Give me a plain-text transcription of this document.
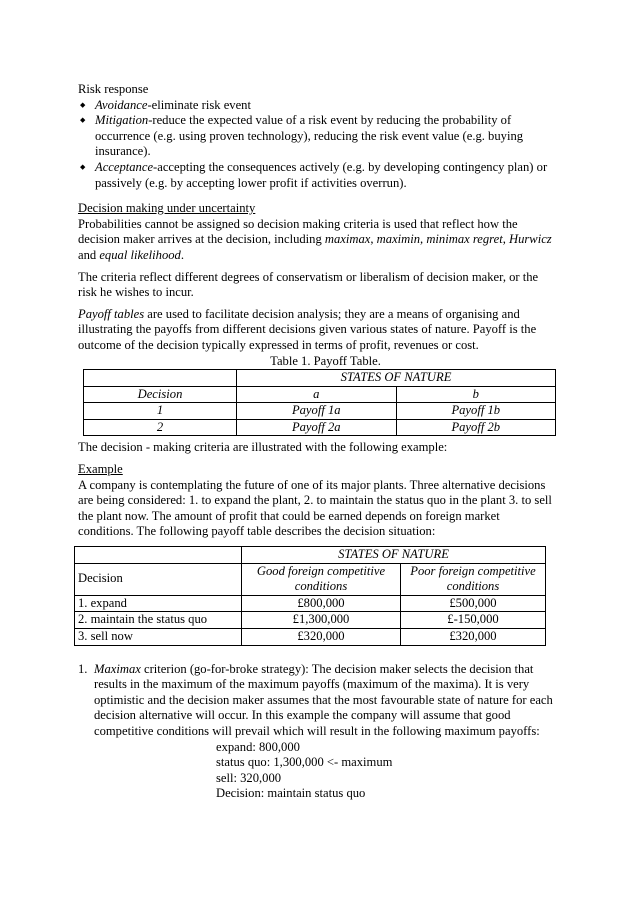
Risk response

◆ Avoidance-eliminate risk event
◆ Mitigation-reduce the expected value of a risk event by reducing the probability of occurrence (e.g. using proven technology), reducing the risk event value (e.g. buying insurance).
◆ Acceptance-accepting the consequences actively (e.g. by developing contingency plan) or passively (e.g. by accepting lower profit if activities overrun).

Decision making under uncertainty

Probabilities cannot be assigned so decision making criteria is used that reflect how the decision maker arrives at the decision, including maximax, maximin, minimax regret, Hurwicz and equal likelihood.

The criteria reflect different degrees of conservatism or liberalism of decision maker, or the risk he wishes to incur.

Payoff tables are used to facilitate decision analysis; they are a means of organising and illustrating the payoffs from different decisions given various states of nature. Payoff is the outcome of the decision typically expressed in terms of profit, revenues or cost.

Table 1. Payoff Table.

	STATES OF NATURE	
Decision	a	b
1	Payoff 1a	Payoff 1b
2	Payoff 2a	Payoff 2b

The decision - making criteria are illustrated with the following example:

Example

A company is contemplating the future of one of its major plants. Three alternative decisions are being considered: 1. to expand the plant, 2. to maintain the status quo in the plant 3. to sell the plant now. The amount of profit that could be earned depends on foreign market conditions. The following payoff table describes the decision situation:

	STATES OF NATURE	
Decision	Good foreign competitive conditions	Poor foreign competitive conditions
1. expand	£800,000	£500,000
2. maintain the status quo	£1,300,000	£-150,000
3. sell now	£320,000	£320,000
1. Maximax criterion (go-for-broke strategy): The decision maker selects the decision that results in the maximum of the maximum payoffs (maximum of the maxima). It is very optimistic and the decision maker assumes that the most favourable state of nature for each decision alternative will occur. In this example the company will assume that good competitive conditions will prevail which will result in the following maximum payoffs:

expand: 800,000

status quo: 1,300,000 <- maximum

sell: 320,000

Decision: maintain status quo
